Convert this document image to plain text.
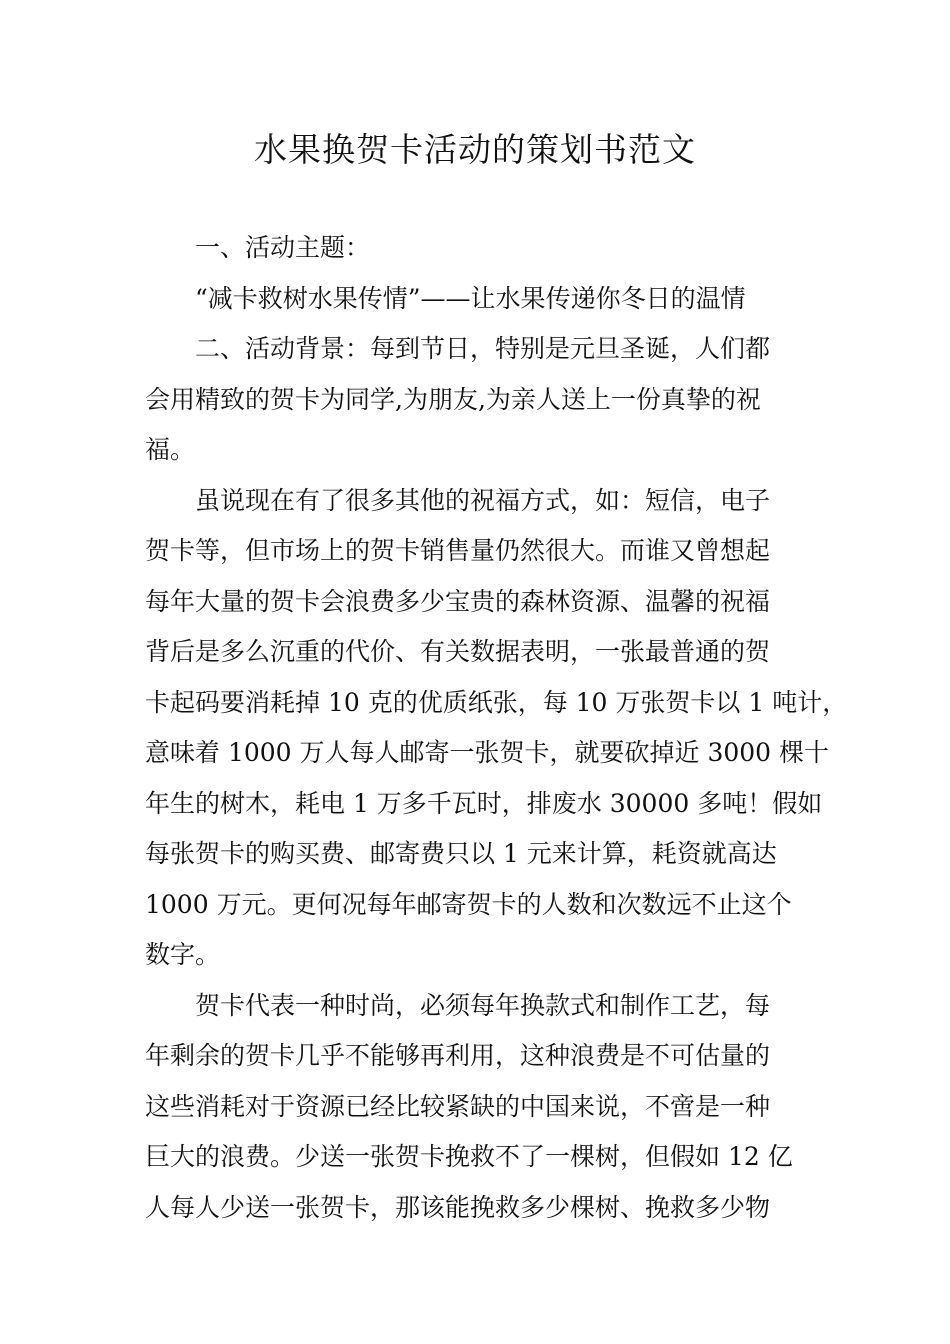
水果换贺卡活动的策划书范文
一、活动主题：
“减卡救树水果传情”——让水果传递你冬日的温情
二、活动背景：每到节日，特别是元旦圣诞，人们都
会用精致的贺卡为同学,为朋友,为亲人送上一份真挚的祝
福。
虽说现在有了很多其他的祝福方式，如：短信，电子
贺卡等，但市场上的贺卡销售量仍然很大。而谁又曾想起
每年大量的贺卡会浪费多少宝贵的森林资源、温馨的祝福
背后是多么沉重的代价、有关数据表明，一张最普通的贺
卡起码要消耗掉 10 克的优质纸张，每 10 万张贺卡以 1 吨计，
意味着 1000 万人每人邮寄一张贺卡，就要砍掉近 3000 棵十
年生的树木，耗电 1 万多千瓦时，排废水 30000 多吨！假如
每张贺卡的购买费、邮寄费只以 1 元来计算，耗资就高达
1000 万元。更何况每年邮寄贺卡的人数和次数远不止这个
数字。
贺卡代表一种时尚，必须每年换款式和制作工艺，每
年剩余的贺卡几乎不能够再利用，这种浪费是不可估量的
这些消耗对于资源已经比较紧缺的中国来说，不啻是一种
巨大的浪费。少送一张贺卡挽救不了一棵树，但假如 12 亿
人每人少送一张贺卡，那该能挽救多少棵树、挽救多少物
